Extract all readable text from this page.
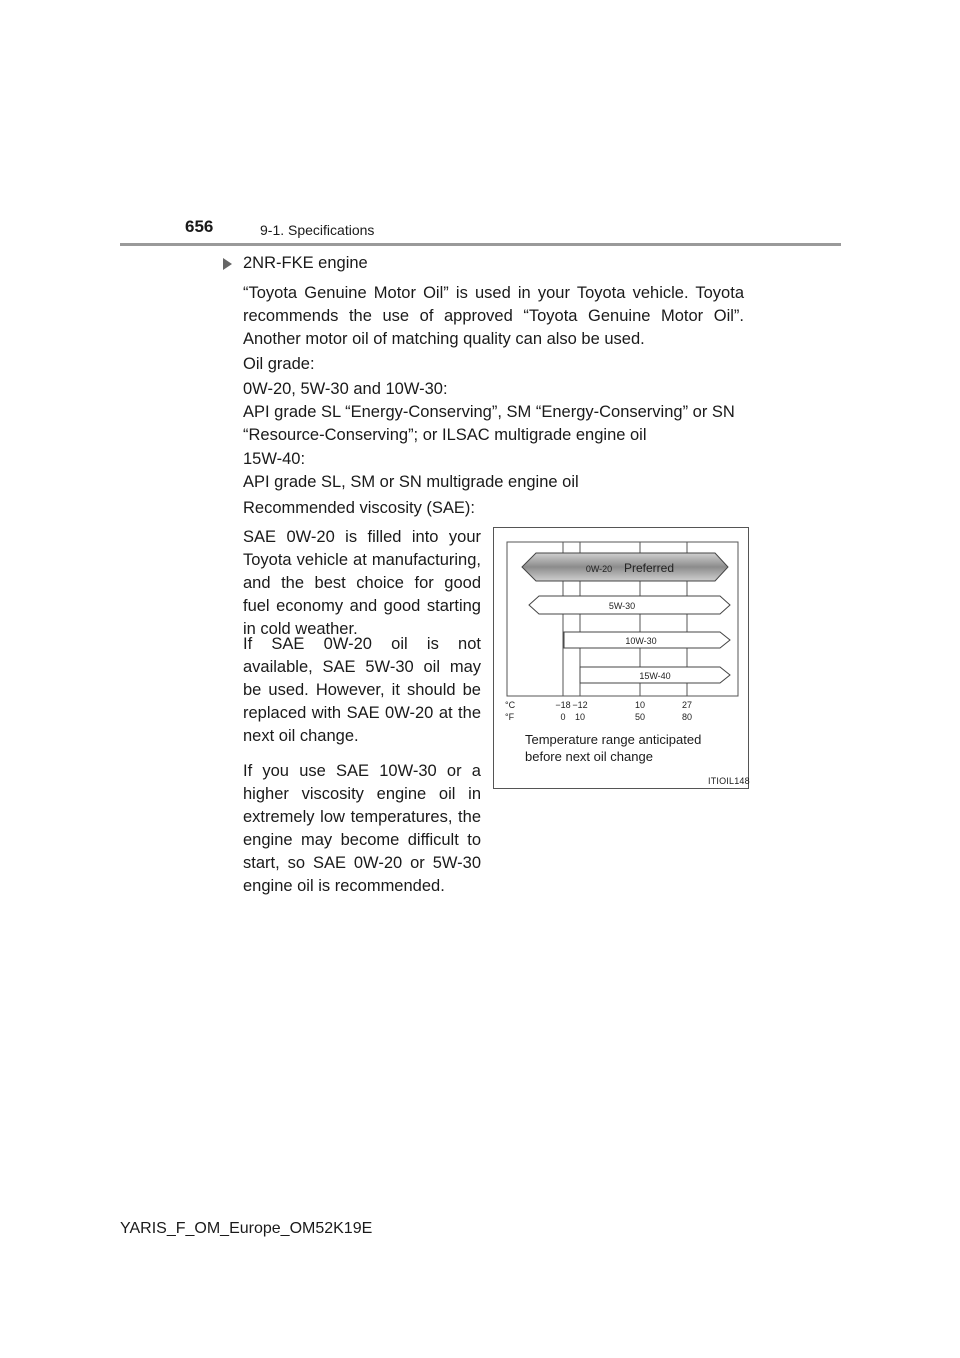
656	9-1. Specifications
2NR-FKE engine
“Toyota Genuine Motor Oil” is used in your Toyota vehicle. Toyota recommends the use of approved “Toyota Genuine Motor Oil”. Another motor oil of matching quality can also be used.
Oil grade:
0W-20, 5W-30 and 10W-30:
API grade SL “Energy-Conserving”, SM “Energy-Conserving” or SN “Resource-Conserving”; or ILSAC multigrade engine oil
15W-40:
API grade SL, SM or SN multigrade engine oil
Recommended viscosity (SAE):
SAE 0W-20 is filled into your Toyota vehicle at manufacturing, and the best choice for good fuel economy and good starting in cold weather.
If SAE 0W-20 oil is not available, SAE 5W-30 oil may be used. However, it should be replaced with SAE 0W-20 at the next oil change.
If you use SAE 10W-30 or a higher viscosity engine oil in extremely low temperatures, the engine may become difficult to start, so SAE 0W-20 or 5W-30 engine oil is recommended.
0W-20 Preferred
5W-30
10W-30
15W-40
°C
°F
−18 −12	10	27
0 10	50	80
Temperature range anticipated before next oil change
ITIOIL148
YARIS_F_OM_Europe_OM52K19E
